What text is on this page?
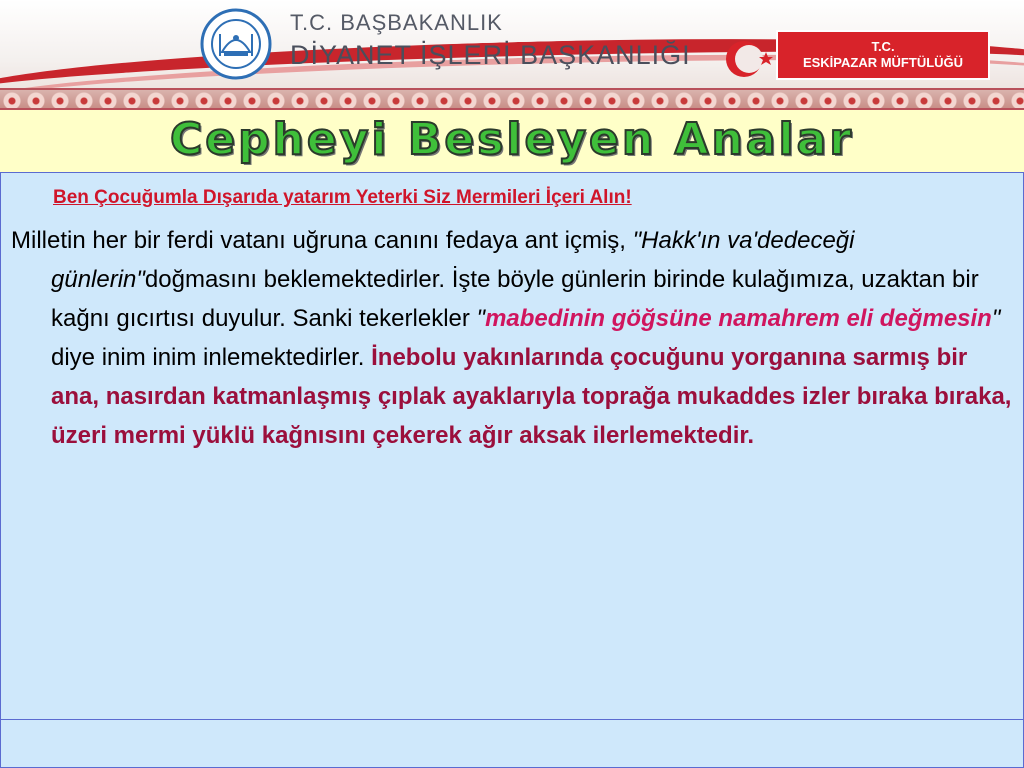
T.C. BAŞBAKANLIK
DİYANET İŞLERİ BAŞKANLIĞI	T.C.
ESKİPAZAR MÜFTÜLÜĞÜ
Cepheyi Besleyen Analar
Ben Çocuğumla Dışarıda yatarım Yeterki Siz Mermileri İçeri Alın!
Milletin her bir ferdi vatanı uğruna canını fedaya ant içmiş, "Hakk'ın va'dedeceği günlerin"doğmasını beklemektedirler. İşte böyle günlerin birinde kulağımıza, uzaktan bir kağnı gıcırtısı duyulur. Sanki tekerlekler "mabedinin göğsüne namahrem eli değmesin" diye inim inim inlemektedirler. İnebolu yakınlarında çocuğunu yorganına sarmış bir ana, nasırdan katmanlaşmış çıplak ayaklarıyla toprağa mukaddes izler bıraka bıraka, üzeri mermi yüklü kağnısını çekerek ağır aksak ilerlemektedir.
